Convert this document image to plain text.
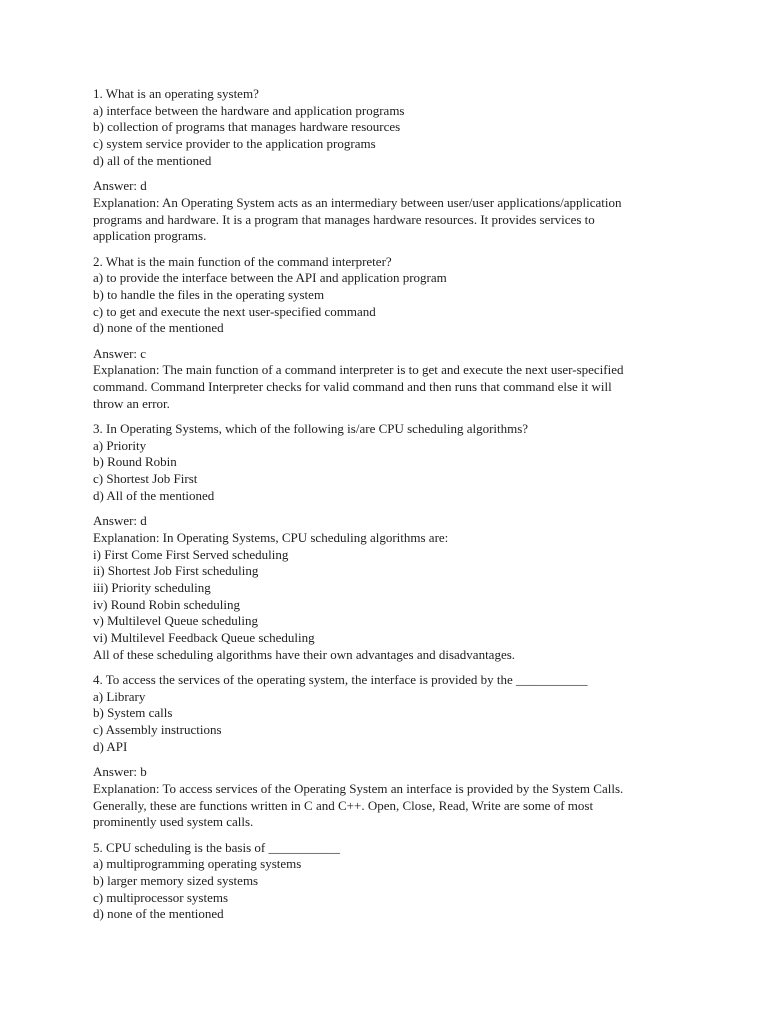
1. What is an operating system?
a) interface between the hardware and application programs
b) collection of programs that manages hardware resources
c) system service provider to the application programs
d) all of the mentioned
Answer: d
Explanation: An Operating System acts as an intermediary between user/user applications/application
programs and hardware. It is a program that manages hardware resources. It provides services to
application programs.
2. What is the main function of the command interpreter?
a) to provide the interface between the API and application program
b) to handle the files in the operating system
c) to get and execute the next user-specified command
d) none of the mentioned
Answer: c
Explanation: The main function of a command interpreter is to get and execute the next user-specified
command. Command Interpreter checks for valid command and then runs that command else it will
throw an error.
3. In Operating Systems, which of the following is/are CPU scheduling algorithms?
a) Priority
b) Round Robin
c) Shortest Job First
d) All of the mentioned
Answer: d
Explanation: In Operating Systems, CPU scheduling algorithms are:
i) First Come First Served scheduling
ii) Shortest Job First scheduling
iii) Priority scheduling
iv) Round Robin scheduling
v) Multilevel Queue scheduling
vi) Multilevel Feedback Queue scheduling
All of these scheduling algorithms have their own advantages and disadvantages.
4. To access the services of the operating system, the interface is provided by the ___________
a) Library
b) System calls
c) Assembly instructions
d) API
Answer: b
Explanation: To access services of the Operating System an interface is provided by the System Calls.
Generally, these are functions written in C and C++. Open, Close, Read, Write are some of most
prominently used system calls.
5. CPU scheduling is the basis of ___________
a) multiprogramming operating systems
b) larger memory sized systems
c) multiprocessor systems
d) none of the mentioned
